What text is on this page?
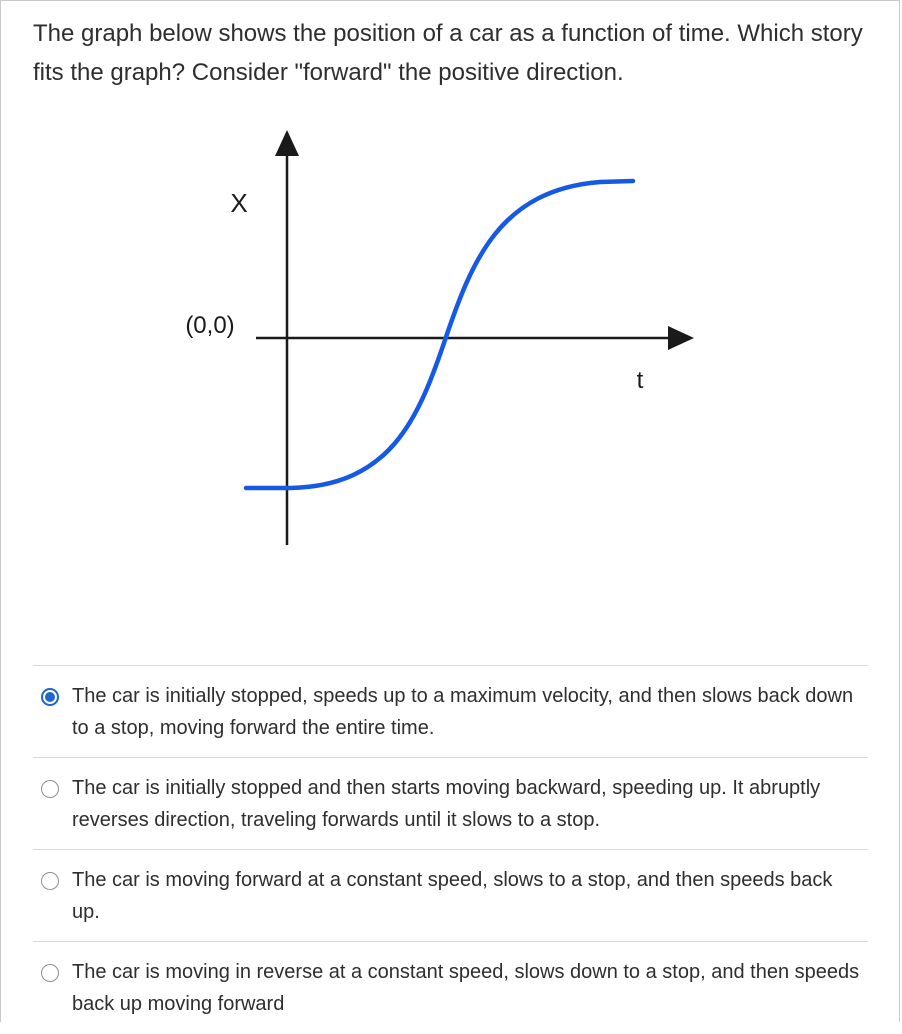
The graph below shows the position of a car as a function of time. Which story fits the graph? Consider "forward" the positive direction.

X
t
(0,0)
The car is initially stopped, speeds up to a maximum velocity, and then slows back down to a stop, moving forward the entire time.
The car is initially stopped and then starts moving backward, speeding up. It abruptly reverses direction, traveling forwards until it slows to a stop.
The car is moving forward at a constant speed, slows to a stop, and then speeds back up.
The car is moving in reverse at a constant speed, slows down to a stop, and then speeds back up moving forward
